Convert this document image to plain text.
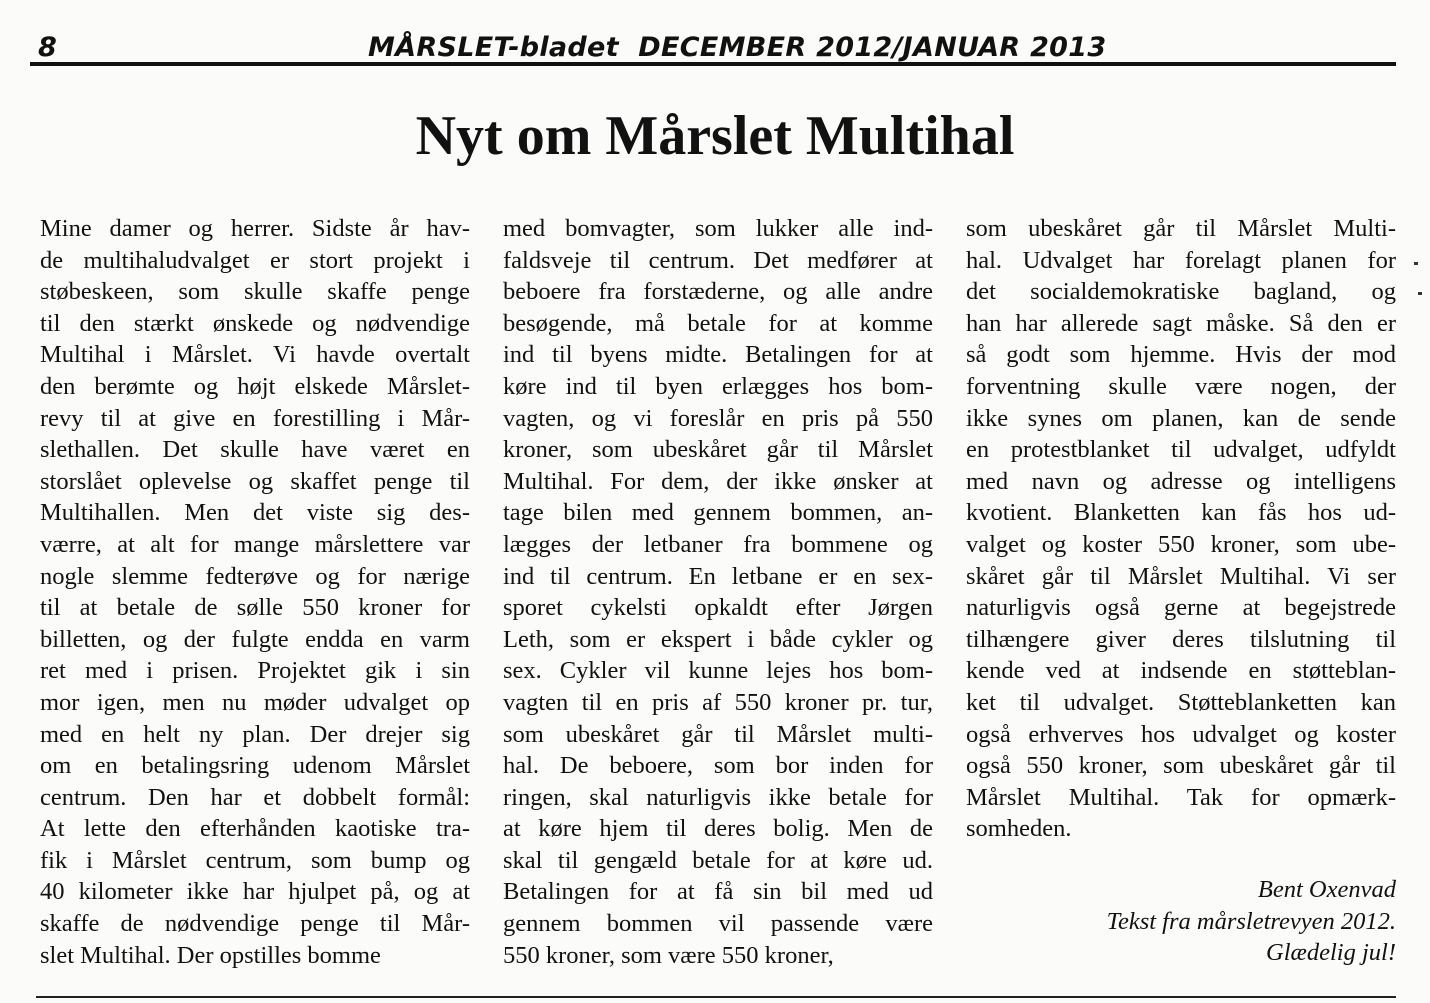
8	MÅRSLET-bladet  DECEMBER 2012/JANUAR 2013
Nyt om Mårslet Multihal

Mine damer og herrer. Sidste år hav-

de multihaludvalget er stort projekt i

støbeskeen, som skulle skaffe penge

til den stærkt ønskede og nødvendige

Multihal i Mårslet. Vi havde overtalt

den berømte og højt elskede Mårslet-

revy til at give en forestilling i Mår-

slethallen. Det skulle have været en

storslået oplevelse og skaffet penge til

Multihallen. Men det viste sig des-

værre, at alt for mange mårslettere var

nogle slemme fedterøve og for nærige

til at betale de sølle 550 kroner for

billetten, og der fulgte endda en varm

ret med i prisen. Projektet gik i sin

mor igen, men nu møder udvalget op

med en helt ny plan. Der drejer sig

om en betalingsring udenom Mårslet

centrum. Den har et dobbelt formål:

At lette den efterhånden kaotiske tra-

fik i Mårslet centrum, som bump og

40 kilometer ikke har hjulpet på, og at

skaffe de nødvendige penge til Mår-

slet Multihal. Der opstilles bomme

med bomvagter, som lukker alle ind-

faldsveje til centrum. Det medfører at

beboere fra forstæderne, og alle andre

besøgende, må betale for at komme

ind til byens midte. Betalingen for at

køre ind til byen erlægges hos bom-

vagten, og vi foreslår en pris på 550

kroner, som ubeskåret går til Mårslet

Multihal. For dem, der ikke ønsker at

tage bilen med gennem bommen, an-

lægges der letbaner fra bommene og

ind til centrum. En letbane er en sex-

sporet cykelsti opkaldt efter Jørgen

Leth, som er ekspert i både cykler og

sex. Cykler vil kunne lejes hos bom-

vagten til en pris af 550 kroner pr. tur,

som ubeskåret går til Mårslet multi-

hal. De beboere, som bor inden for

ringen, skal naturligvis ikke betale for

at køre hjem til deres bolig. Men de

skal til gengæld betale for at køre ud.

Betalingen for at få sin bil med ud

gennem bommen vil passende være

550 kroner, som være 550 kroner,

som ubeskåret går til Mårslet Multi-

hal. Udvalget har forelagt planen for

det socialdemokratiske bagland, og

han har allerede sagt måske. Så den er

så godt som hjemme. Hvis der mod

forventning skulle være nogen, der

ikke synes om planen, kan de sende

en protestblanket til udvalget, udfyldt

med navn og adresse og intelligens

kvotient. Blanketten kan fås hos ud-

valget og koster 550 kroner, som ube-

skåret går til Mårslet Multihal. Vi ser

naturligvis også gerne at begejstrede

tilhængere giver deres tilslutning til

kende ved at indsende en støtteblan-

ket til udvalget. Støtteblanketten kan

også erhverves hos udvalget og koster

også 550 kroner, som ubeskåret går til

Mårslet Multihal. Tak for opmærk-

somheden.

Bent Oxenvad
Tekst fra mårsletrevyen 2012.
Glædelig jul!
